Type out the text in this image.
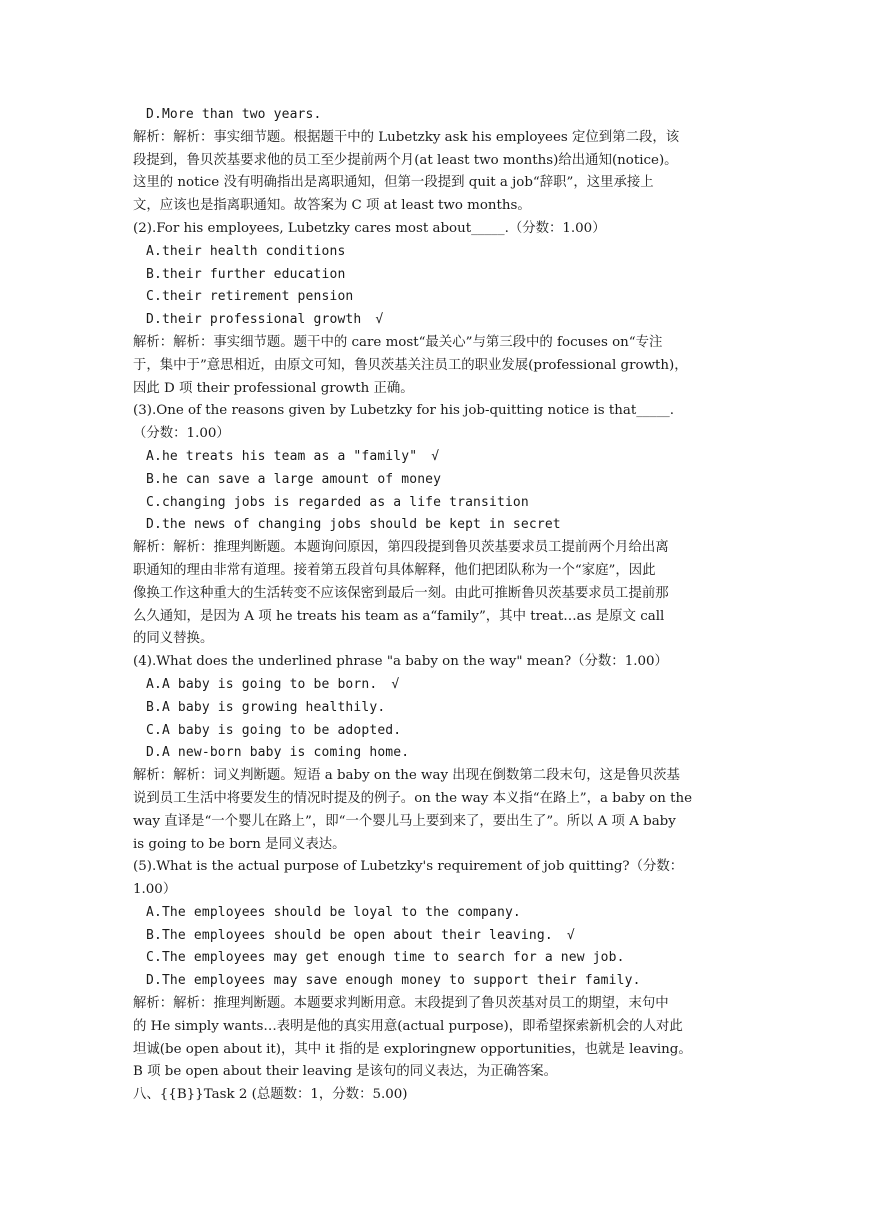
D.More than two years.
解析：解析：事实细节题。根据题干中的 Lubetzky ask his employees 定位到第二段，该
段提到，鲁贝茨基要求他的员工至少提前两个月(at least two months)给出通知(notice)。
这里的 notice 没有明确指出是离职通知，但第一段提到 quit a job“辞职”，这里承接上
文，应该也是指离职通知。故答案为 C 项 at least two months。
(2).For his employees, Lubetzky cares most about_____.（分数：1.00）
A.their health conditions
B.their further education
C.their retirement pension
D.their professional growth √
解析：解析：事实细节题。题干中的 care most“最关心”与第三段中的 focuses on“专注
于，集中于”意思相近，由原文可知，鲁贝茨基关注员工的职业发展(professional growth)，
因此 D 项 their professional growth 正确。
(3).One of the reasons given by Lubetzky for his job-quitting notice is that_____.
（分数：1.00）
A.he treats his team as a "family" √
B.he can save a large amount of money
C.changing jobs is regarded as a life transition
D.the news of changing jobs should be kept in secret
解析：解析：推理判断题。本题询问原因，第四段提到鲁贝茨基要求员工提前两个月给出离
职通知的理由非常有道理。接着第五段首句具体解释，他们把团队称为一个“家庭”，因此
像换工作这种重大的生活转变不应该保密到最后一刻。由此可推断鲁贝茨基要求员工提前那
么久通知，是因为 A 项 he treats his team as a“family”，其中 treat…as 是原文 call
的同义替换。
(4).What does the underlined phrase "a baby on the way" mean?（分数：1.00）
A.A baby is going to be born. √
B.A baby is growing healthily.
C.A baby is going to be adopted.
D.A new-born baby is coming home.
解析：解析：词义判断题。短语 a baby on the way 出现在倒数第二段末句，这是鲁贝茨基
说到员工生活中将要发生的情况时提及的例子。on the way 本义指“在路上”，a baby on the
way 直译是“一个婴儿在路上”，即“一个婴儿马上要到来了，要出生了”。所以 A 项 A baby
is going to be born 是同义表达。
(5).What is the actual purpose of Lubetzky's requirement of job quitting?（分数：
1.00）
A.The employees should be loyal to the company.
B.The employees should be open about their leaving. √
C.The employees may get enough time to search for a new job.
D.The employees may save enough money to support their family.
解析：解析：推理判断题。本题要求判断用意。末段提到了鲁贝茨基对员工的期望，末句中
的 He simply wants…表明是他的真实用意(actual purpose)，即希望探索新机会的人对此
坦诚(be open about it)，其中 it 指的是 exploringnew opportunities，也就是 leaving。
B 项 be open about their leaving 是该句的同义表达，为正确答案。
八、{{B}}Task 2 (总题数：1，分数：5.00)
